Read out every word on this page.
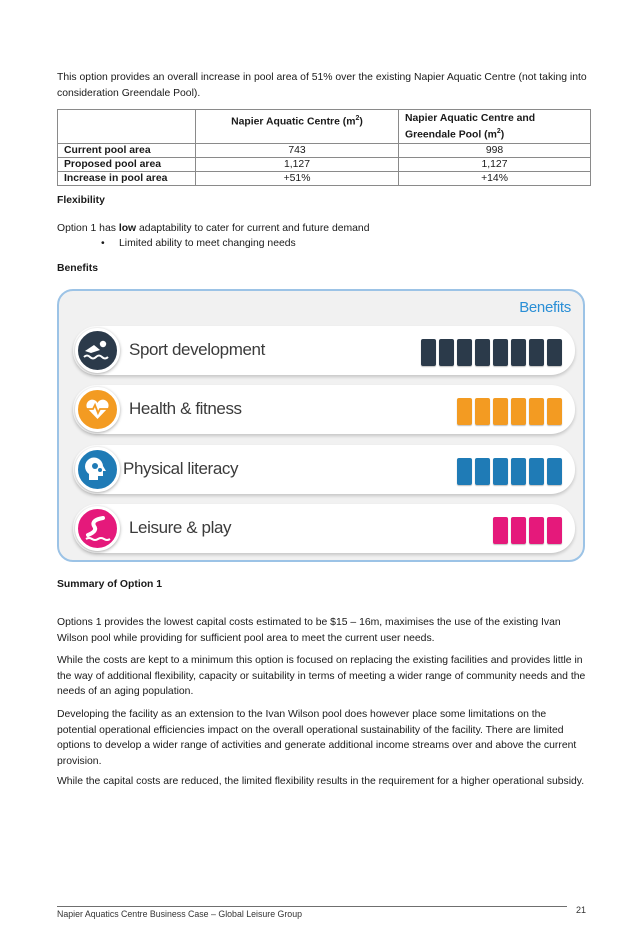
This option provides an overall increase in pool area of 51% over the existing Napier Aquatic Centre (not taking into consideration Greendale Pool).

	Napier Aquatic Centre $(m^2)$	Napier Aquatic Centre and
Greendale Pool $(m^2)$
Current pool area	743	998
Proposed pool area	1,127	1,127
Increase in pool area	+51%	+14%

Flexibility

Option 1 has low adaptability to cater for current and future demand

• Limited ability to meet changing needs

Benefits

Benefits
Sport development
Health & fitness
Physical literacy
Leisure & play

Summary of Option 1

Options 1 provides the lowest capital costs estimated to be $15 – 16m, maximises the use of the existing Ivan Wilson pool while providing for sufficient pool area to meet the current user needs.

While the costs are kept to a minimum this option is focused on replacing the existing facilities and provides little in the way of additional flexibility, capacity or suitability in terms of meeting a wider range of community needs and the needs of an aging population.

Developing the facility as an extension to the Ivan Wilson pool does however place some limitations on the potential operational efficiencies impact on the overall operational sustainability of the facility. There are limited options to develop a wider range of activities and generate additional income streams over and above the current provision.

While the capital costs are reduced, the limited flexibility results in the requirement for a higher operational subsidy.

Napier Aquatics Centre Business Case – Global Leisure Group	21
